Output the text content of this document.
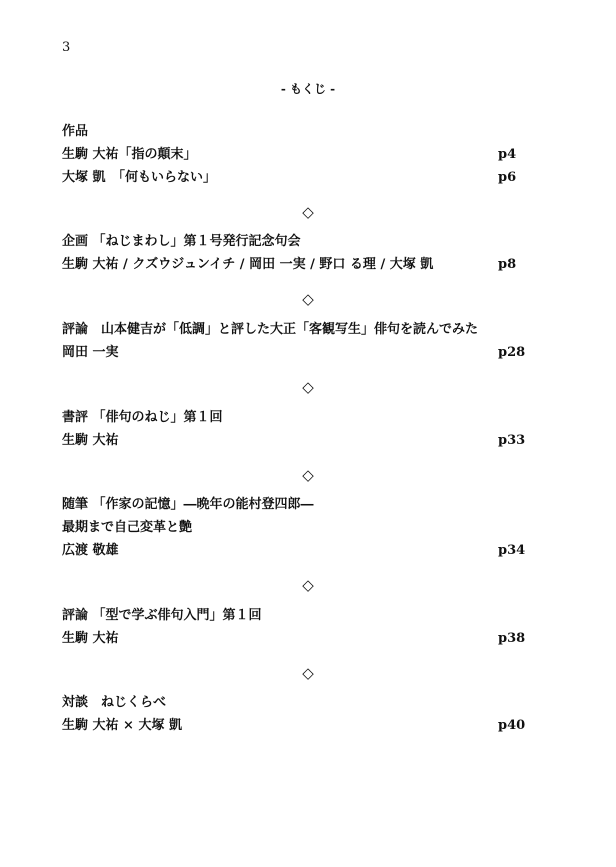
3
- もくじ -
作品
生駒 大祐「指の顛末」	p4
大塚 凱　「何もいらない」	p6
◇
企画 「ねじまわし」第１号発行記念句会
生駒 大祐 / クズウジュンイチ / 岡田 一実 / 野口 る理 / 大塚 凱	p8
◇
評論　山本健吉が「低調」と評した大正「客観写生」俳句を読んでみた
岡田 一実	p28
◇
書評 「俳句のねじ」第１回
生駒 大祐	p33
◇
随筆 「作家の記憶」―晩年の能村登四郎―
最期まで自己変革と艶
広渡 敬雄	p34
◇
評論 「型で学ぶ俳句入門」第１回
生駒 大祐	p38
◇
対談　ねじくらべ
生駒 大祐 × 大塚 凱	p40
